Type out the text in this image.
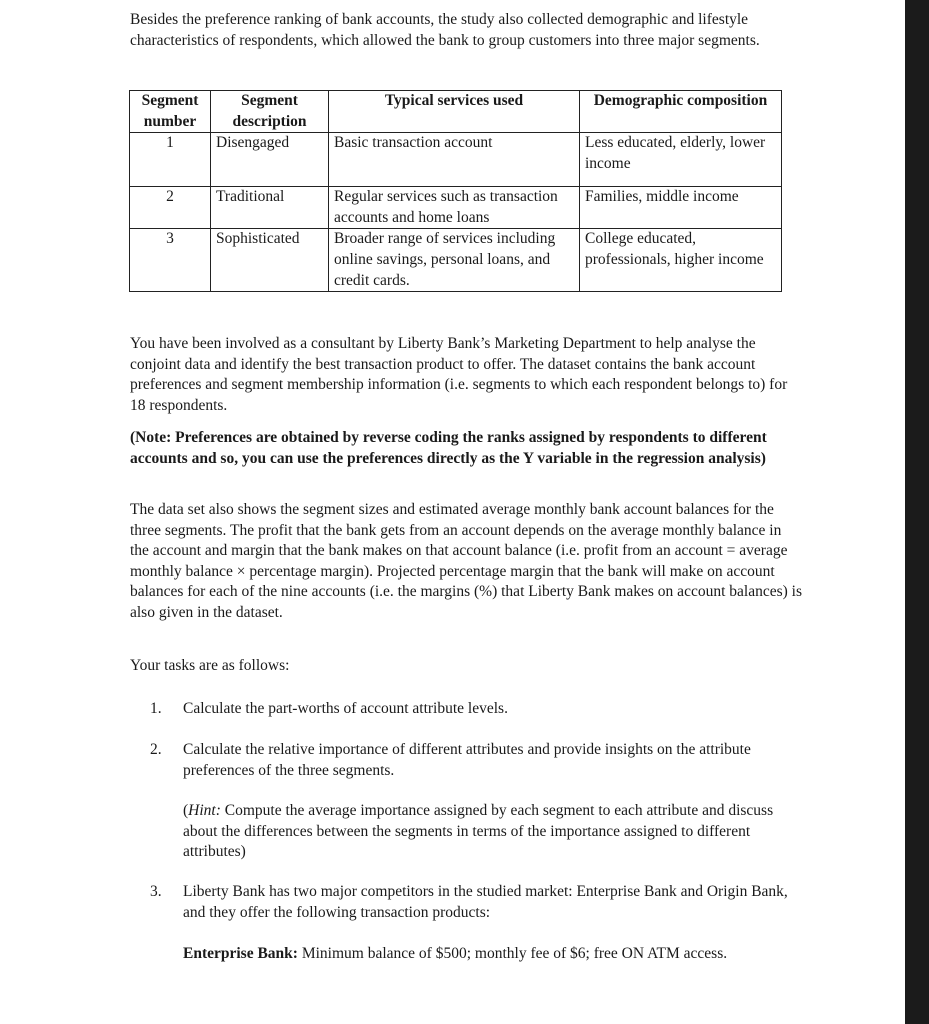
Besides the preference ranking of bank accounts, the study also collected demographic and lifestyle characteristics of respondents, which allowed the bank to group customers into three major segments.

Segment number	Segment description	Typical services used	Demographic composition
1	Disengaged	Basic transaction account	Less educated, elderly, lower income
2	Traditional	Regular services such as transaction accounts and home loans	Families, middle income
3	Sophisticated	Broader range of services including online savings, personal loans, and credit cards.	College educated, professionals, higher income

You have been involved as a consultant by Liberty Bank’s Marketing Department to help analyse the conjoint data and identify the best transaction product to offer. The dataset contains the bank account preferences and segment membership information (i.e. segments to which each respondent belongs to) for 18 respondents.

(Note: Preferences are obtained by reverse coding the ranks assigned by respondents to different accounts and so, you can use the preferences directly as the Y variable in the regression analysis)

The data set also shows the segment sizes and estimated average monthly bank account balances for the three segments. The profit that the bank gets from an account depends on the average monthly balance in the account and margin that the bank makes on that account balance (i.e. profit from an account = average monthly balance × percentage margin). Projected percentage margin that the bank will make on account balances for each of the nine accounts (i.e. the margins (%) that Liberty Bank makes on account balances) is also given in the dataset.

Your tasks are as follows:

1. Calculate the part-worths of account attribute levels.
2. Calculate the relative importance of different attributes and provide insights on the attribute preferences of the three segments.
(Hint: Compute the average importance assigned by each segment to each attribute and discuss about the differences between the segments in terms of the importance assigned to different attributes)
3. Liberty Bank has two major competitors in the studied market: Enterprise Bank and Origin Bank, and they offer the following transaction products:
Enterprise Bank: Minimum balance of $500; monthly fee of $6; free ON ATM access.
